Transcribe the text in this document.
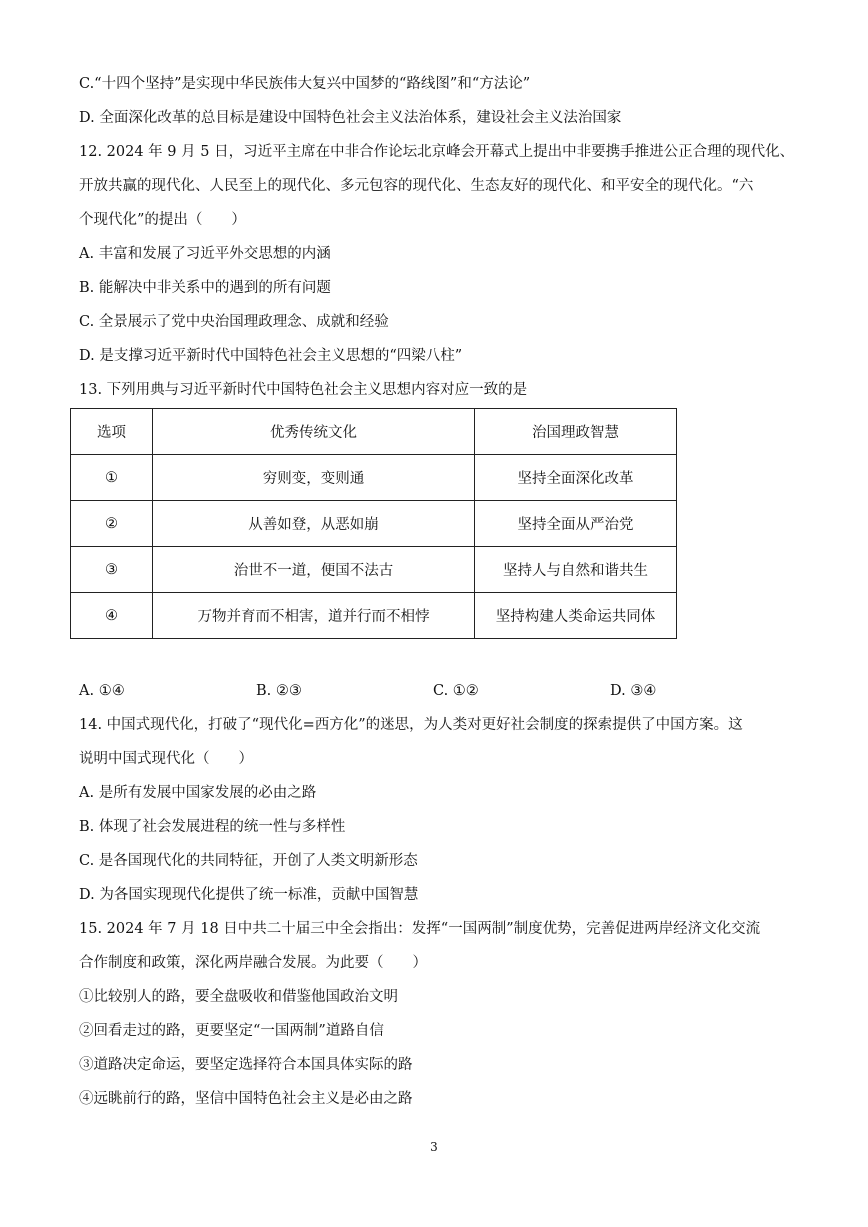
C.“十四个坚持”是实现中华民族伟大复兴中国梦的“路线图”和“方法论”
D. 全面深化改革的总目标是建设中国特色社会主义法治体系，建设社会主义法治国家
12. 2024 年 9 月 5 日，习近平主席在中非合作论坛北京峰会开幕式上提出中非要携手推进公正合理的现代化、
开放共赢的现代化、人民至上的现代化、多元包容的现代化、生态友好的现代化、和平安全的现代化。“六
个现代化”的提出（　　）
A. 丰富和发展了习近平外交思想的内涵
B. 能解决中非关系中的遇到的所有问题
C. 全景展示了党中央治国理政理念、成就和经验
D. 是支撑习近平新时代中国特色社会主义思想的“四梁八柱”
13. 下列用典与习近平新时代中国特色社会主义思想内容对应一致的是
选项	优秀传统文化	治国理政智慧
①	穷则变，变则通	坚持全面深化改革
②	从善如登，从恶如崩	坚持全面从严治党
③	治世不一道，便国不法古	坚持人与自然和谐共生
④	万物并育而不相害，道并行而不相悖	坚持构建人类命运共同体
A. ①④	B. ②③	C. ①②	D. ③④
14. 中国式现代化，打破了“现代化=西方化”的迷思，为人类对更好社会制度的探索提供了中国方案。这
说明中国式现代化（　　）
A. 是所有发展中国家发展的必由之路
B. 体现了社会发展进程的统一性与多样性
C. 是各国现代化的共同特征，开创了人类文明新形态
D. 为各国实现现代化提供了统一标准，贡献中国智慧
15. 2024 年 7 月 18 日中共二十届三中全会指出：发挥“一国两制”制度优势，完善促进两岸经济文化交流
合作制度和政策，深化两岸融合发展。为此要（　　）
①比较别人的路，要全盘吸收和借鉴他国政治文明
②回看走过的路，更要坚定“一国两制”道路自信
③道路决定命运，要坚定选择符合本国具体实际的路
④远眺前行的路，坚信中国特色社会主义是必由之路
3
